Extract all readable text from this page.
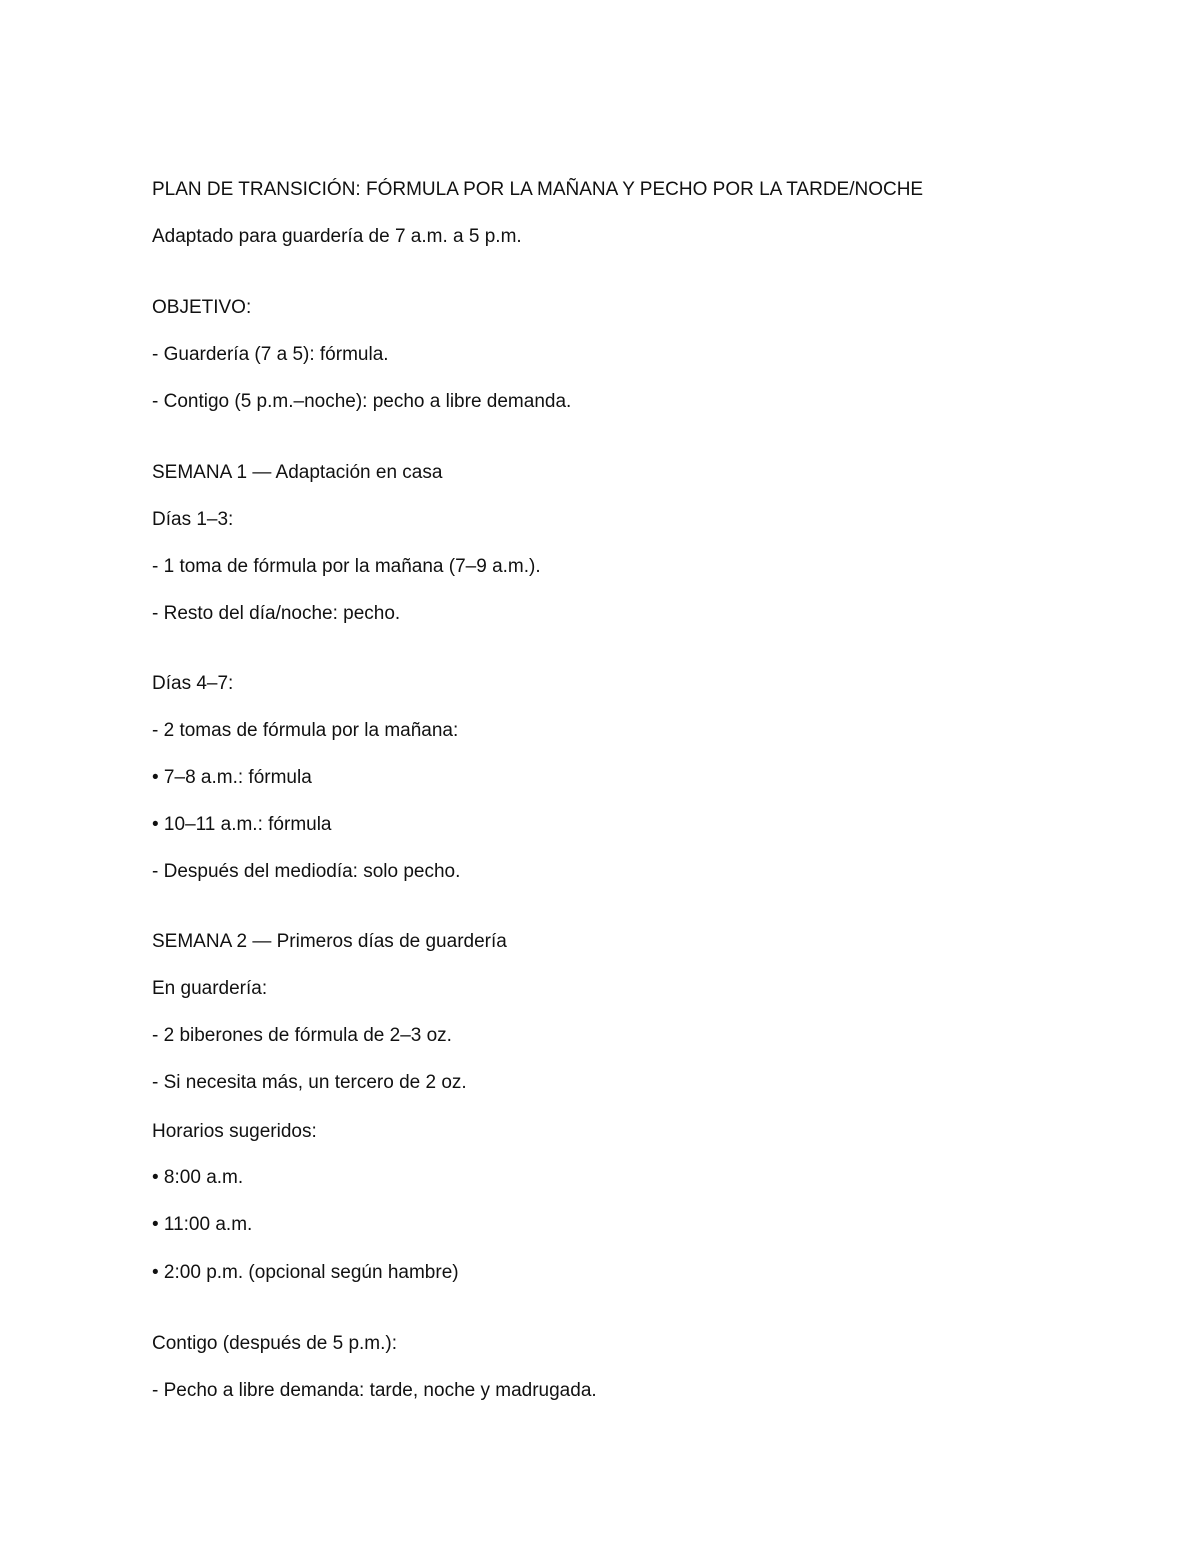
PLAN DE TRANSICIÓN: FÓRMULA POR LA MAÑANA Y PECHO POR LA TARDE/NOCHE
Adaptado para guardería de 7 a.m. a 5 p.m.
OBJETIVO:
- Guardería (7 a 5): fórmula.
- Contigo (5 p.m.–noche): pecho a libre demanda.
SEMANA 1 — Adaptación en casa
Días 1–3:
- 1 toma de fórmula por la mañana (7–9 a.m.).
- Resto del día/noche: pecho.
Días 4–7:
- 2 tomas de fórmula por la mañana:
• 7–8 a.m.: fórmula
• 10–11 a.m.: fórmula
- Después del mediodía: solo pecho.
SEMANA 2 — Primeros días de guardería
En guardería:
- 2 biberones de fórmula de 2–3 oz.
- Si necesita más, un tercero de 2 oz.
Horarios sugeridos:
• 8:00 a.m.
• 11:00 a.m.
• 2:00 p.m. (opcional según hambre)
Contigo (después de 5 p.m.):
- Pecho a libre demanda: tarde, noche y madrugada.
